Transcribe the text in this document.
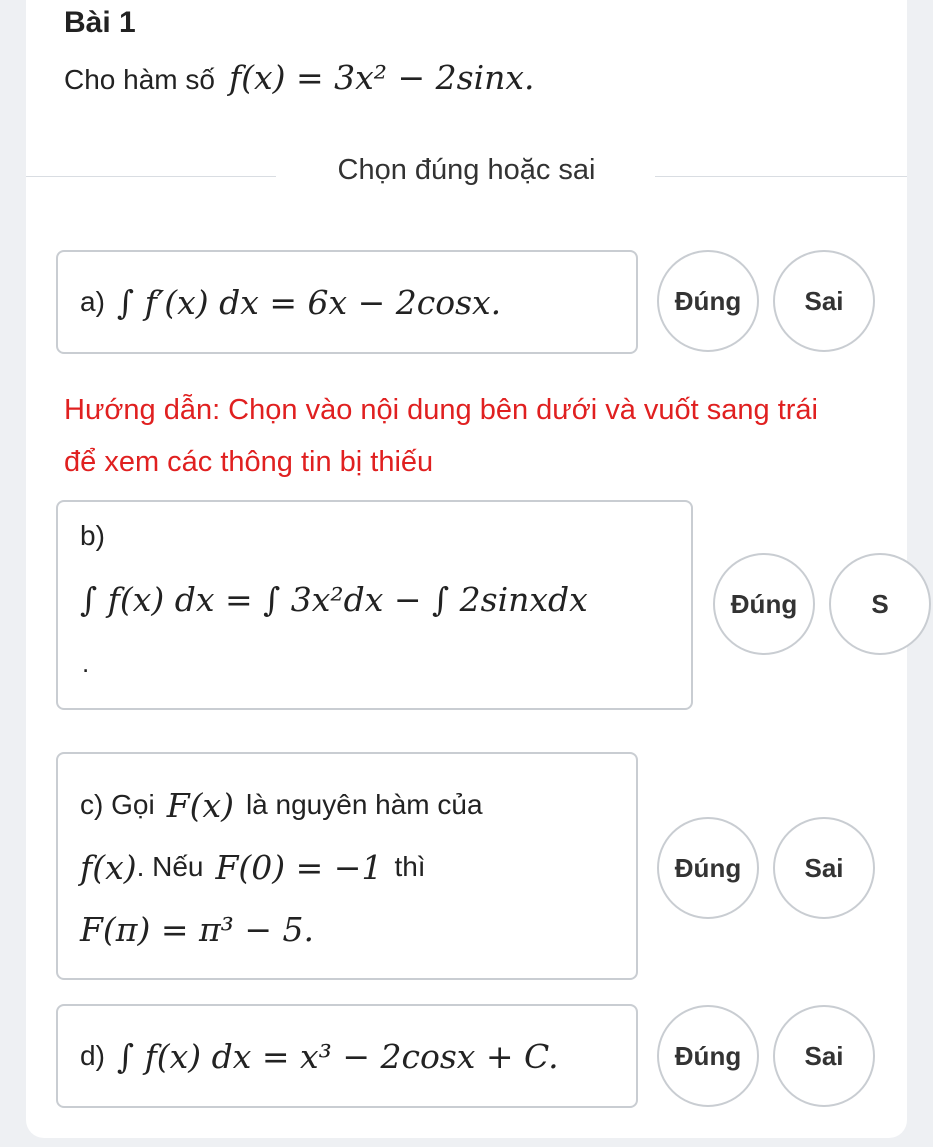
Bài 1
Cho hàm số f(x) = 3x² − 2sinx.
Chọn đúng hoặc sai
a) ∫ f′(x) dx = 6x − 2cosx.	Đúng	Sai
Hướng dẫn: Chọn vào nội dung bên dưới và vuốt sang trái để xem các thông tin bị thiếu
b)
∫ f(x) dx = ∫ 3x²dx − ∫ 2sinxdx
.
Đúng	S
c) Gọi F(x) là nguyên hàm của
f(x) . Nếu F(0) = −1 thì
F(π) = π³ − 5.
Đúng	Sai
d) ∫ f(x) dx = x³ − 2cosx + C.	Đúng	Sai
